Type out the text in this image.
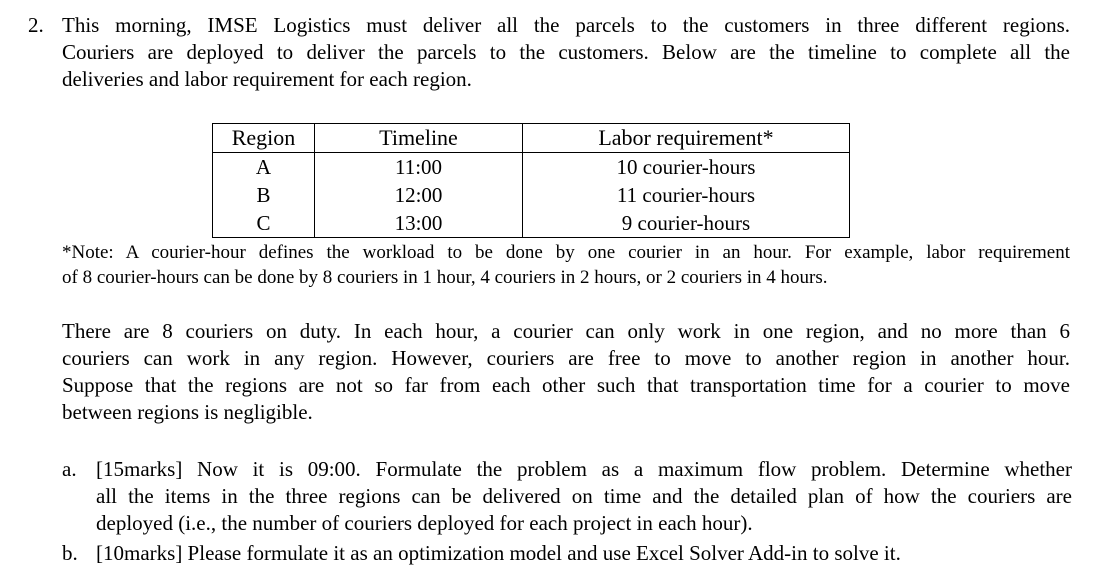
2. This morning, IMSE Logistics must deliver all the parcels to the customers in three different regions.
Couriers are deployed to deliver the parcels to the customers. Below are the timeline to complete all the
deliveries and labor requirement for each region.
Region	Timeline	Labor requirement*
A	11:00	10 courier-hours
B	12:00	11 courier-hours
C	13:00	9 courier-hours
*Note: A courier-hour defines the workload to be done by one courier in an hour. For example, labor requirement
of 8 courier-hours can be done by 8 couriers in 1 hour, 4 couriers in 2 hours, or 2 couriers in 4 hours.
There are 8 couriers on duty. In each hour, a courier can only work in one region, and no more than 6
couriers can work in any region. However, couriers are free to move to another region in another hour.
Suppose that the regions are not so far from each other such that transportation time for a courier to move
between regions is negligible.
a. [15marks] Now it is 09:00. Formulate the problem as a maximum flow problem. Determine whether
all the items in the three regions can be delivered on time and the detailed plan of how the couriers are
deployed (i.e., the number of couriers deployed for each project in each hour).
b. [10marks] Please formulate it as an optimization model and use Excel Solver Add-in to solve it.
